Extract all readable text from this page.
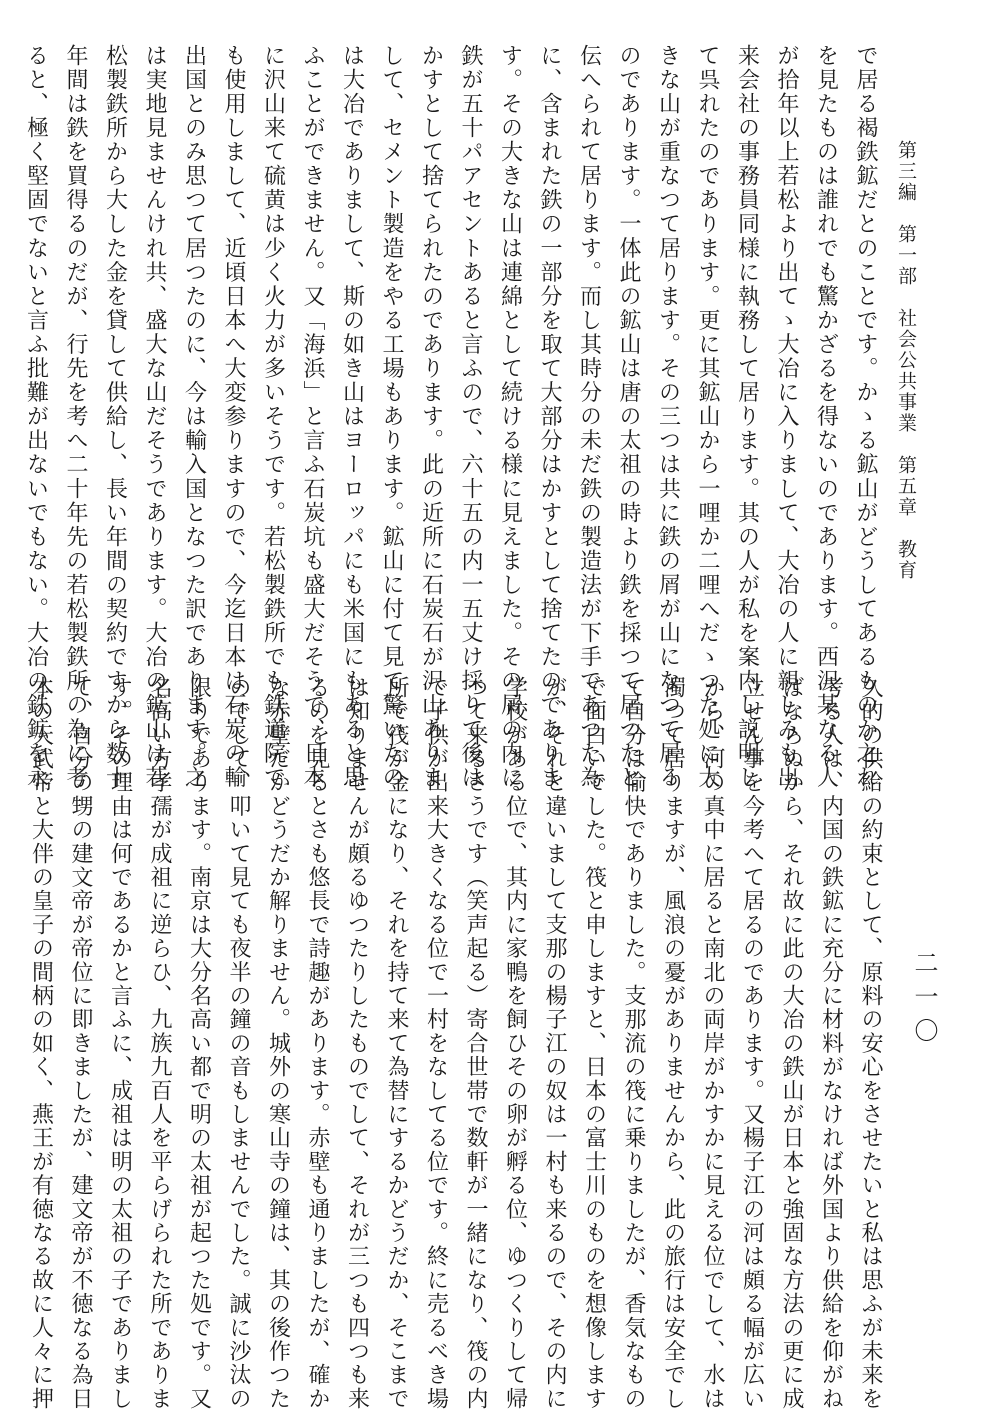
第三編　第一部　社会公共事業　第五章　教育
二一〇
で居る褐鉄鉱だとのことです。かゝる鉱山がどうしてあるものか之れ
を見たものは誰れでも驚かざるを得ないのであります。西沢某なる人
が拾年以上若松より出てゝ大冶に入りまして、大冶の人に親しみも出
来会社の事務員同様に執務して居ります。其の人が私を案内し説明し
て呉れたのであります。更に其鉱山から一哩か二哩へだゝつた処に大
きな山が重なつて居ります。その三つは共に鉄の屑が山になつて居る
のであります。一体此の鉱山は唐の太祖の時より鉄を採つて居つたと
伝へられて居ります。而し其時分の未だ鉄の製造法が下手であつた為
に、含まれた鉄の一部分を取て大部分はかすとして捨てたのでありま
す。その大きな山は連綿として続ける様に見えました。その屑の内に
鉄が五十パアセントあると言ふので、六十五の内一五丈け採りて後は
かすとして捨てられたのであります。此の近所に石炭石が沢山ありま
して、セメント製造をやる工場もあります。鉱山に付て見て驚いたの
は大冶でありまして、斯の如き山はヨーロッパにも米国にもあると思
ふことができません。又「海浜」と言ふ石炭坑も盛大だそうで、日本
に沢山来て硫黄は少く火力が多いそうです。若松製鉄所でも鉄道院で
も使用しまして、近頃日本へ大変参りますので、今迄日本は石炭の輸
出国とのみ思つて居つたのに、今は輸入国となつた訳であります。之
は実地見ませんけれ共、盛大な山だそうであります。大冶の鉱山は若
松製鉄所から大した金を貸して供給し、長い年間の契約ですから数十
年間は鉄を買得るのだが、行先を考へ二十年先の若松製鉄所の為に考
ると、極く堅固でないと言ふ批難が出ないでもない。大冶の鉄鉱を永
久的の供給の約束として、原料の安心をさせたいと私は思ふが未来を
考る人は、内国の鉄鉱に充分に材料がなければ外国より供給を仰がね
ばならぬから、それ故に此の大冶の鉄山が日本と強固な方法の更に成
立せん事を今考へて居るのであります。又楊子江の河は頗る幅が広い
から、河の真中に居ると南北の両岸がかすかに見える位でして、水は
濁つて居りますが、風浪の憂がありませんから、此の旅行は安全でし
て自分は愉快でありました。支那流の筏に乗りましたが、香気なもの
で面白いでした。筏と申しますと、日本の富士川のものを想像します
が、それと違いまして支那の楊子江の奴は一村も来るので、その内に
学校がある位で、其内に家鴨を飼ひその卵が孵る位、ゆつくりして帰
つて来るさうです（笑声起る）寄合世帯で数軒が一緒になり、筏の内
で子供が出来大きくなる位で一村をなしてる位です。終に売るべき場
所で筏が金になり、それを持て来て為替にするかどうだか、そこまで
は知りませんが頗るゆつたりしたものでして、それが三つも四つも来
るのを見るとさも悠長で詩趣があります。赤壁も通りましたが、確か
な赤壁だかどうだか解りません。城外の寒山寺の鐘は、其の後作つた
のでして、叩いて見ても夜半の鐘の音もしませんでした。誠に沙汰の
限りであります。南京は大分名高い都で明の太祖が起つた処です。又
名高い方孝孺が成祖に逆らひ、九族九百人を平らげられた所でありま
す。その理由は何であるかと言ふに、成祖は明の太祖の子でありまし
て、自分の甥の建文帝が帝位に即きましたが、建文帝が不徳なる為日
本の天武帝と大伴の皇子の間柄の如く、燕王が有徳なる故に人々に押
